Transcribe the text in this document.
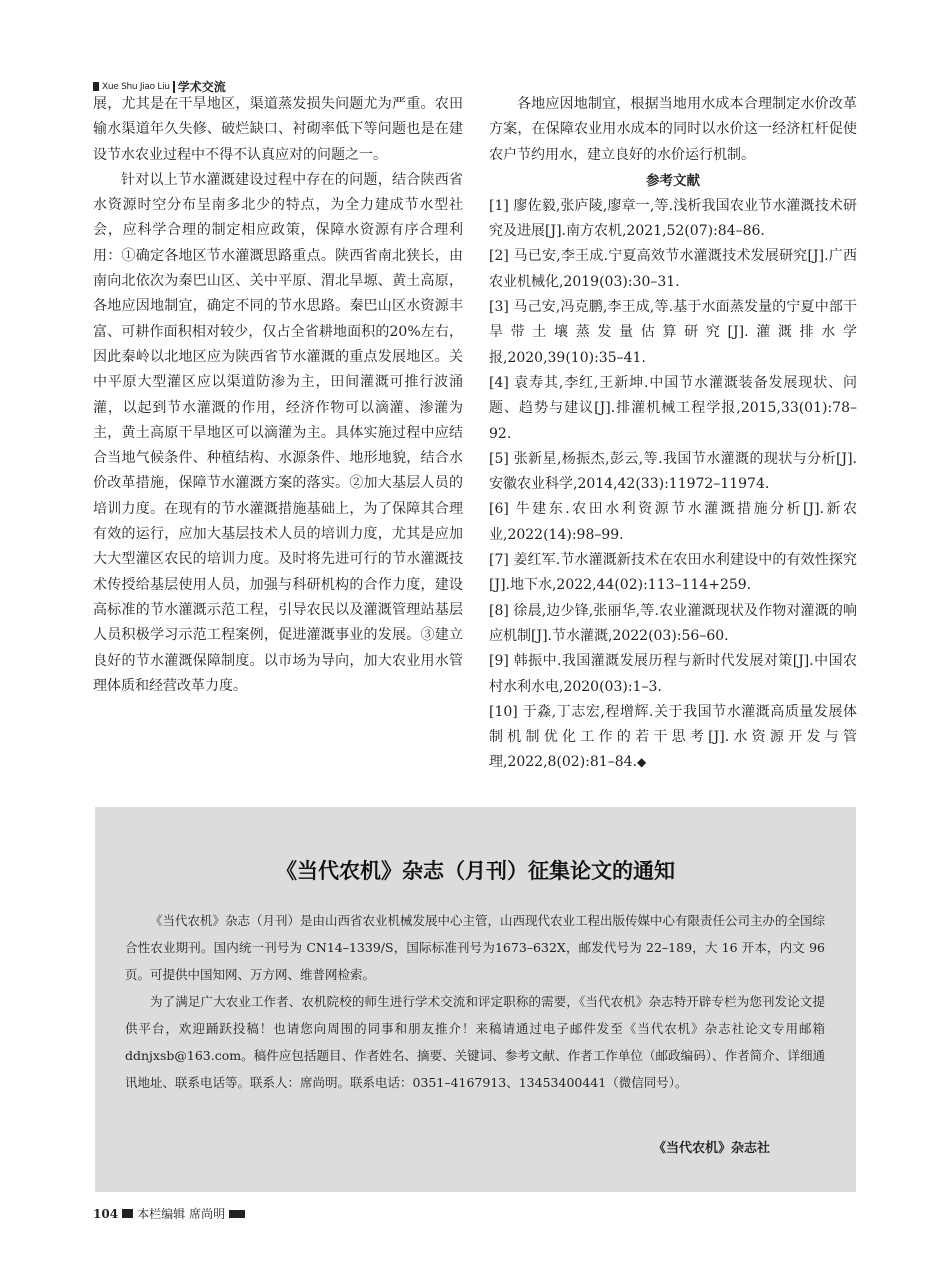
Xue Shu Jiao Liu 学术交流

展，尤其是在干旱地区，渠道蒸发损失问题尤为严重。农田输水渠道年久失修、破烂缺口、衬砌率低下等问题也是在建设节水农业过程中不得不认真应对的问题之一。

针对以上节水灌溉建设过程中存在的问题，结合陕西省水资源时空分布呈南多北少的特点，为全力建成节水型社会，应科学合理的制定相应政策，保障水资源有序合理利用：①确定各地区节水灌溉思路重点。陕西省南北狭长，由南向北依次为秦巴山区、关中平原、渭北旱塬、黄土高原，各地应因地制宜，确定不同的节水思路。秦巴山区水资源丰富、可耕作面积相对较少，仅占全省耕地面积的20%左右，因此秦岭以北地区应为陕西省节水灌溉的重点发展地区。关中平原大型灌区应以渠道防渗为主，田间灌溉可推行波涌灌，以起到节水灌溉的作用，经济作物可以滴灌、渗灌为主，黄土高原干旱地区可以滴灌为主。具体实施过程中应结合当地气候条件、种植结构、水源条件、地形地貌，结合水价改革措施，保障节水灌溉方案的落实。②加大基层人员的培训力度。在现有的节水灌溉措施基础上，为了保障其合理有效的运行，应加大基层技术人员的培训力度，尤其是应加大大型灌区农民的培训力度。及时将先进可行的节水灌溉技术传授给基层使用人员，加强与科研机构的合作力度，建设高标准的节水灌溉示范工程，引导农民以及灌溉管理站基层人员积极学习示范工程案例，促进灌溉事业的发展。③建立良好的节水灌溉保障制度。以市场为导向，加大农业用水管理体质和经营改革力度。

各地应因地制宜，根据当地用水成本合理制定水价改革方案，在保障农业用水成本的同时以水价这一经济杠杆促使农户节约用水，建立良好的水价运行机制。

参考文献

[1] 廖佐毅,张庐陵,廖章一,等.浅析我国农业节水灌溉技术研究及进展[J].南方农机,2021,52(07):84–86.

[2] 马已安,李王成.宁夏高效节水灌溉技术发展研究[J].广西农业机械化,2019(03):30–31.

[3] 马己安,冯克鹏,李王成,等.基于水面蒸发量的宁夏中部干旱带土壤蒸发量估算研究[J].灌溉排水学报,2020,39(10):35–41.

[4] 袁寿其,李红,王新坤.中国节水灌溉装备发展现状、问题、趋势与建议[J].排灌机械工程学报,2015,33(01):78–92.

[5] 张新星,杨振杰,彭云,等.我国节水灌溉的现状与分析[J].安徽农业科学,2014,42(33):11972–11974.

[6] 牛建东.农田水利资源节水灌溉措施分析[J].新农业,2022(14):98–99.

[7] 姜红军.节水灌溉新技术在农田水利建设中的有效性探究[J].地下水,2022,44(02):113–114+259.

[8] 徐晨,边少锋,张丽华,等.农业灌溉现状及作物对灌溉的响应机制[J].节水灌溉,2022(03):56–60.

[9] 韩振中.我国灌溉发展历程与新时代发展对策[J].中国农村水利水电,2020(03):1–3.

[10] 于淼,丁志宏,程增辉.关于我国节水灌溉高质量发展体制机制优化工作的若干思考[J].水资源开发与管理,2022,8(02):81–84.◆

《当代农机》杂志（月刊）征集论文的通知

《当代农机》杂志（月刊）是由山西省农业机械发展中心主管，山西现代农业工程出版传媒中心有限责任公司主办的全国综合性农业期刊。国内统一刊号为 CN14–1339/S，国际标准刊号为1673–632X，邮发代号为 22–189，大 16 开本，内文 96 页。可提供中国知网、万方网、维普网检索。

为了满足广大农业工作者、农机院校的师生进行学术交流和评定职称的需要，《当代农机》杂志特开辟专栏为您刊发论文提供平台，欢迎踊跃投稿！也请您向周围的同事和朋友推介！来稿请通过电子邮件发至《当代农机》杂志社论文专用邮箱 ddnjxsb@163.com。稿件应包括题目、作者姓名、摘要、关键词、参考文献、作者工作单位（邮政编码）、作者简介、详细通讯地址、联系电话等。联系人：席尚明。联系电话：0351–4167913、13453400441（微信同号）。

《当代农机》杂志社
104 本栏编辑 席尚明
